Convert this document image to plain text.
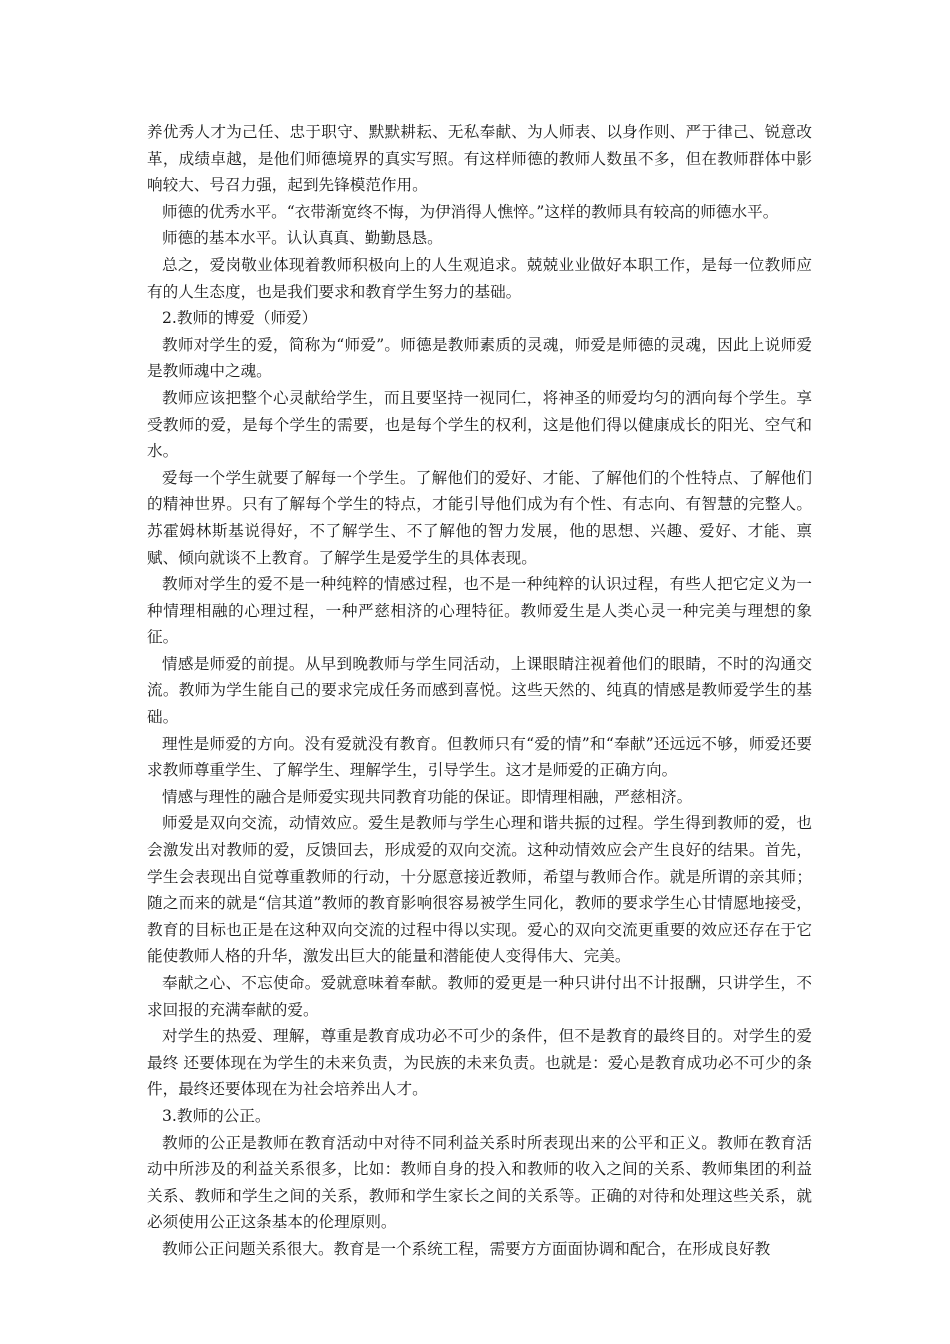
养优秀人才为己任、忠于职守、默默耕耘、无私奉献、为人师表、以身作则、严于律己、锐意改革，成绩卓越，是他们师德境界的真实写照。有这样师德的教师人数虽不多，但在教师群体中影响较大、号召力强，起到先锋模范作用。

师德的优秀水平。“衣带渐宽终不悔，为伊消得人憔悴。”这样的教师具有较高的师德水平。

师德的基本水平。认认真真、勤勤恳恳。

总之，爱岗敬业体现着教师积极向上的人生观追求。兢兢业业做好本职工作，是每一位教师应有的人生态度，也是我们要求和教育学生努力的基础。

2.教师的博爱（师爱）

教师对学生的爱，简称为“师爱”。师德是教师素质的灵魂，师爱是师德的灵魂，因此上说师爱是教师魂中之魂。

教师应该把整个心灵献给学生，而且要坚持一视同仁，将神圣的师爱均匀的洒向每个学生。享受教师的爱，是每个学生的需要，也是每个学生的权利，这是他们得以健康成长的阳光、空气和水。

爱每一个学生就要了解每一个学生。了解他们的爱好、才能、了解他们的个性特点、了解他们的精神世界。只有了解每个学生的特点，才能引导他们成为有个性、有志向、有智慧的完整人。苏霍姆林斯基说得好，不了解学生、不了解他的智力发展，他的思想、兴趣、爱好、才能、禀赋、倾向就谈不上教育。了解学生是爱学生的具体表现。

教师对学生的爱不是一种纯粹的情感过程，也不是一种纯粹的认识过程，有些人把它定义为一种情理相融的心理过程，一种严慈相济的心理特征。教师爱生是人类心灵一种完美与理想的象征。

情感是师爱的前提。从早到晚教师与学生同活动，上课眼睛注视着他们的眼睛，不时的沟通交流。教师为学生能自己的要求完成任务而感到喜悦。这些天然的、纯真的情感是教师爱学生的基础。

理性是师爱的方向。没有爱就没有教育。但教师只有“爱的情”和“奉献”还远远不够，师爱还要求教师尊重学生、了解学生、理解学生，引导学生。这才是师爱的正确方向。

情感与理性的融合是师爱实现共同教育功能的保证。即情理相融，严慈相济。

师爱是双向交流，动情效应。爱生是教师与学生心理和谐共振的过程。学生得到教师的爱，也会激发出对教师的爱，反馈回去，形成爱的双向交流。这种动情效应会产生良好的结果。首先，学生会表现出自觉尊重教师的行动，十分愿意接近教师，希望与教师合作。就是所谓的亲其师；随之而来的就是“信其道”教师的教育影响很容易被学生同化，教师的要求学生心甘情愿地接受，教育的目标也正是在这种双向交流的过程中得以实现。爱心的双向交流更重要的效应还存在于它能使教师人格的升华，激发出巨大的能量和潜能使人变得伟大、完美。

奉献之心、不忘使命。爱就意味着奉献。教师的爱更是一种只讲付出不计报酬，只讲学生，不求回报的充满奉献的爱。

对学生的热爱、理解，尊重是教育成功必不可少的条件，但不是教育的最终目的。对学生的爱最终 还要体现在为学生的未来负责，为民族的未来负责。也就是：爱心是教育成功必不可少的条件，最终还要体现在为社会培养出人才。

3.教师的公正。

教师的公正是教师在教育活动中对待不同利益关系时所表现出来的公平和正义。教师在教育活动中所涉及的利益关系很多，比如：教师自身的投入和教师的收入之间的关系、教师集团的利益关系、教师和学生之间的关系，教师和学生家长之间的关系等。正确的对待和处理这些关系，就必须使用公正这条基本的伦理原则。

教师公正问题关系很大。教育是一个系统工程，需要方方面面协调和配合，在形成良好教
